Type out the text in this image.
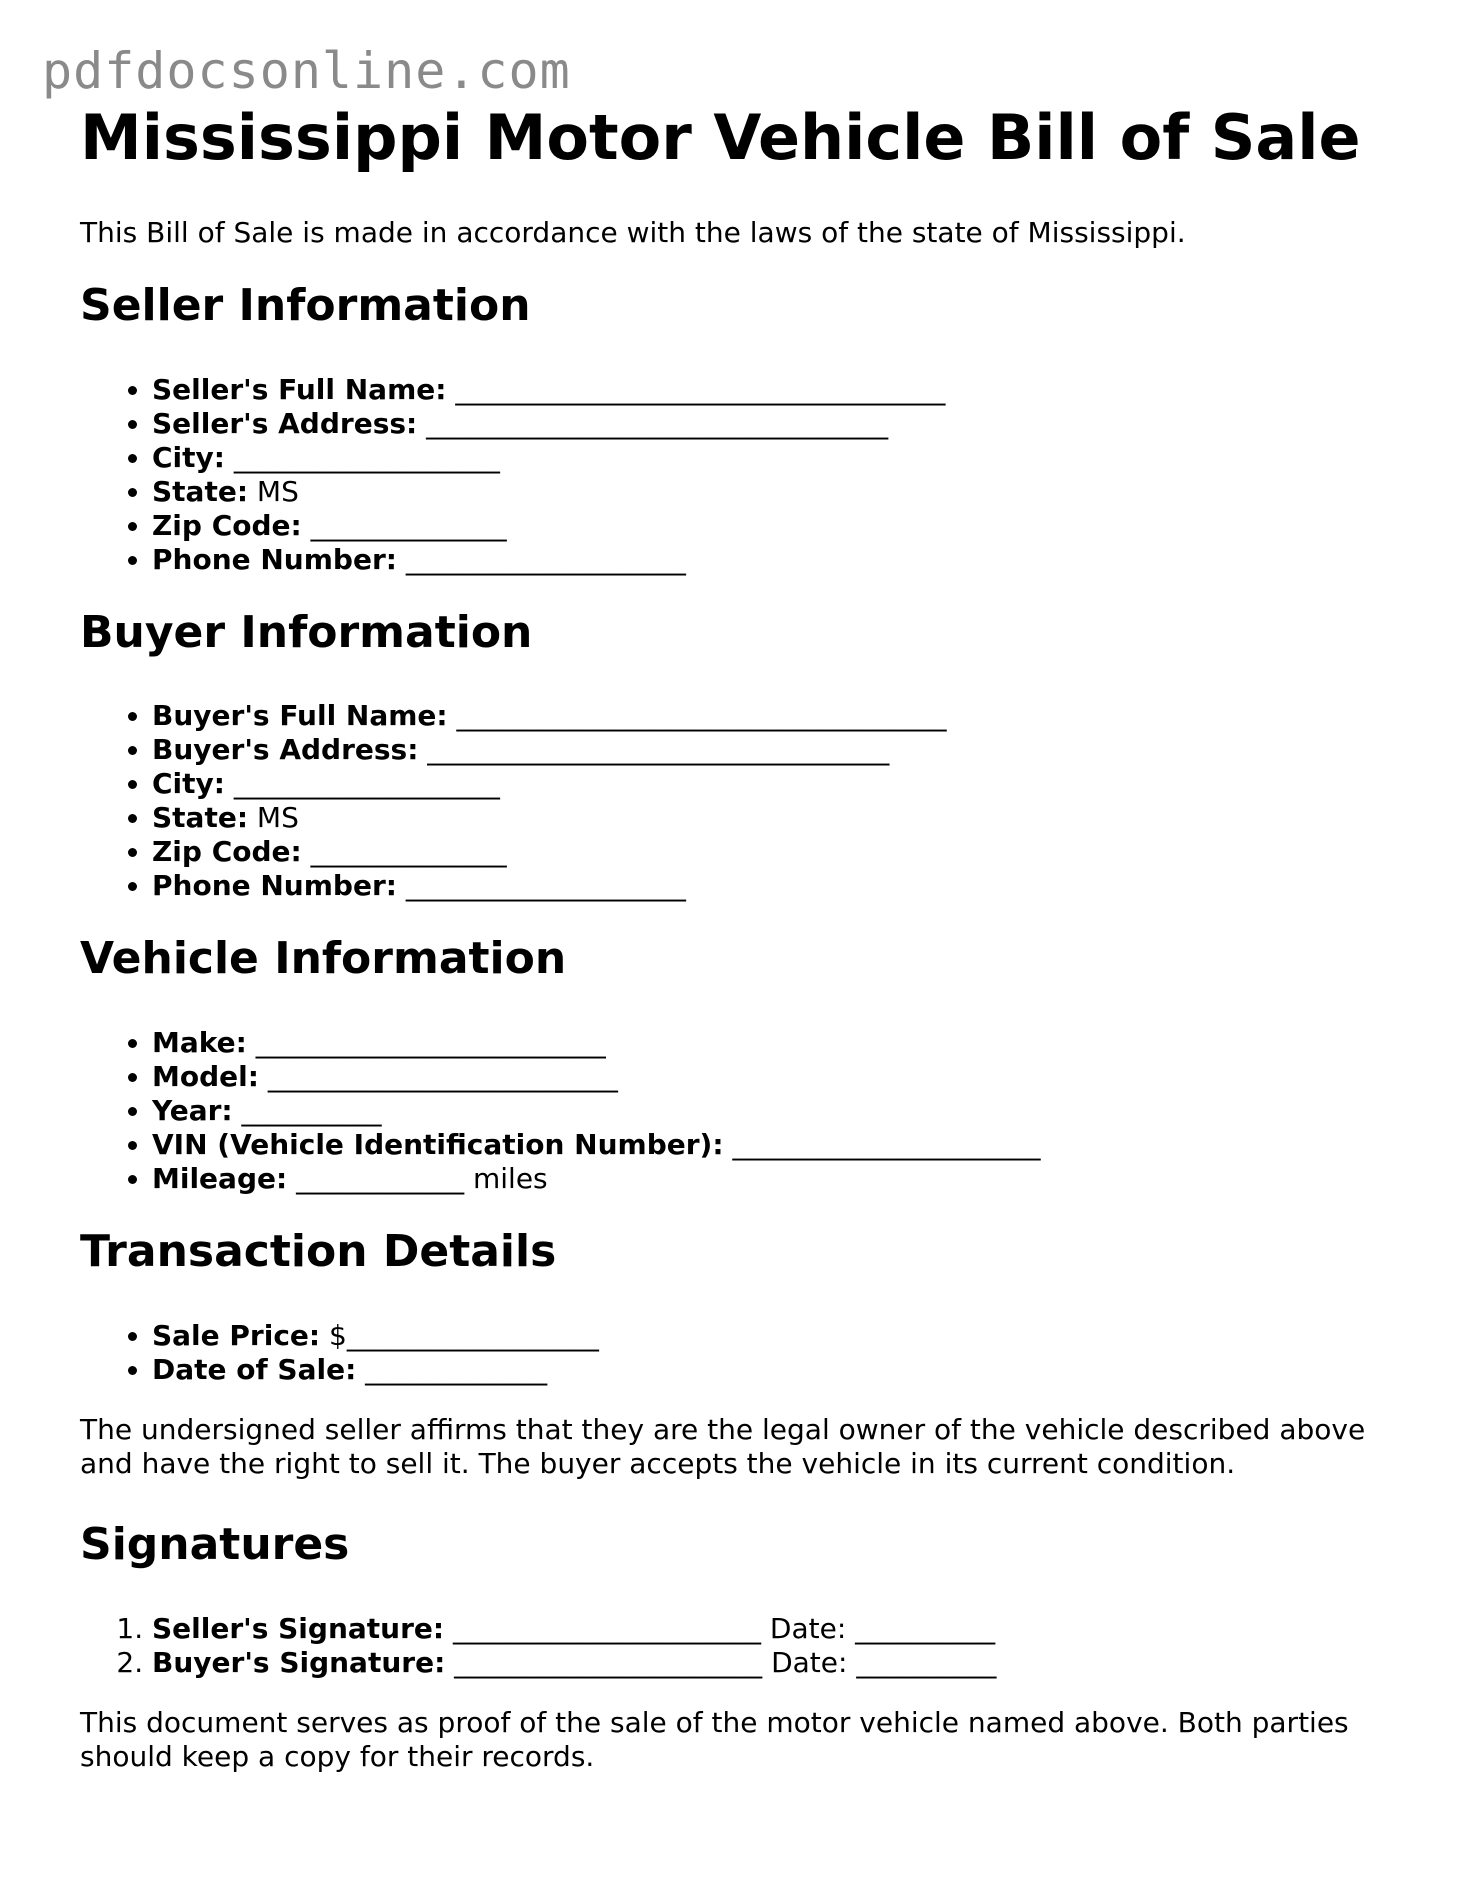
pdfdocsonline.com
Mississippi Motor Vehicle Bill of Sale

This Bill of Sale is made in accordance with the laws of the state of Mississippi.

Seller Information
• Seller's Full Name: ___________________________________
• Seller's Address: _________________________________
• City: ___________________
• State: MS
• Zip Code: ______________
• Phone Number: ____________________
Buyer Information
• Buyer's Full Name: ___________________________________
• Buyer's Address: _________________________________
• City: ___________________
• State: MS
• Zip Code: ______________
• Phone Number: ____________________
Vehicle Information
• Make: _________________________
• Model: _________________________
• Year: __________
• VIN (Vehicle Identification Number): ______________________
• Mileage: ____________ miles
Transaction Details
• Sale Price: $__________________
• Date of Sale: _____________

The undersigned seller affirms that they are the legal owner of the vehicle described above and have the right to sell it. The buyer accepts the vehicle in its current condition.

Signatures
1. Seller's Signature: ______________________ Date: __________
2. Buyer's Signature: ______________________ Date: __________

This document serves as proof of the sale of the motor vehicle named above. Both parties should keep a copy for their records.
